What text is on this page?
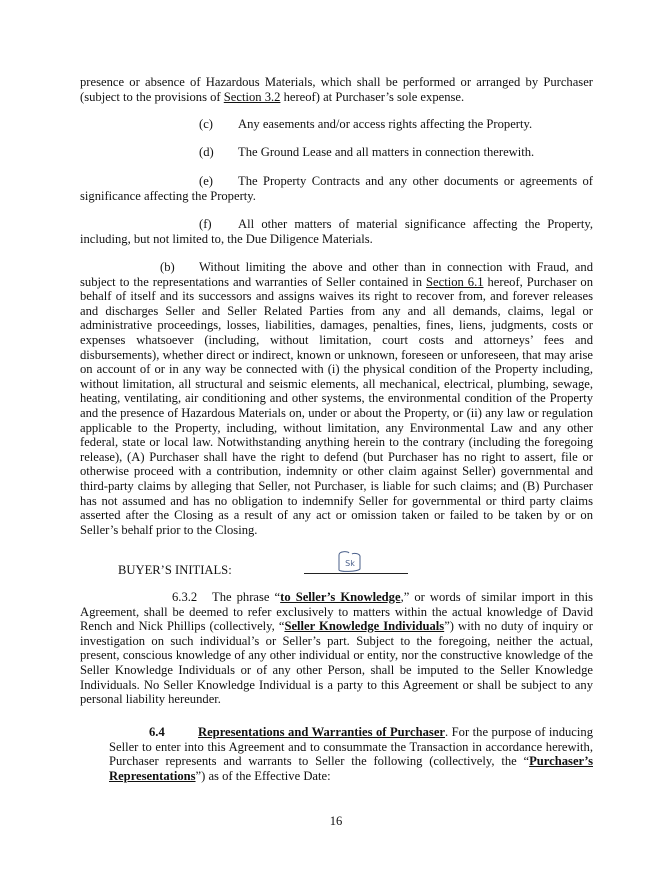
presence or absence of Hazardous Materials, which shall be performed or arranged by Purchaser (subject to the provisions of Section 3.2 hereof) at Purchaser’s sole expense.

(c) Any easements and/or access rights affecting the Property.

(d) The Ground Lease and all matters in connection therewith.

(e) The Property Contracts and any other documents or agreements of significance affecting the Property.

(f) All other matters of material significance affecting the Property, including, but not limited to, the Due Diligence Materials.

(b) Without limiting the above and other than in connection with Fraud, and subject to the representations and warranties of Seller contained in Section 6.1 hereof, Purchaser on behalf of itself and its successors and assigns waives its right to recover from, and forever releases and discharges Seller and Seller Related Parties from any and all demands, claims, legal or administrative proceedings, losses, liabilities, damages, penalties, fines, liens, judgments, costs or expenses whatsoever (including, without limitation, court costs and attorneys’ fees and disbursements), whether direct or indirect, known or unknown, foreseen or unforeseen, that may arise on account of or in any way be connected with (i) the physical condition of the Property including, without limitation, all structural and seismic elements, all mechanical, electrical, plumbing, sewage, heating, ventilating, air conditioning and other systems, the environmental condition of the Property and the presence of Hazardous Materials on, under or about the Property, or (ii) any law or regulation applicable to the Property, including, without limitation, any Environmental Law and any other federal, state or local law. Notwithstanding anything herein to the contrary (including the foregoing release), (A) Purchaser shall have the right to defend (but Purchaser has no right to assert, file or otherwise proceed with a contribution, indemnity or other claim against Seller) governmental and third-party claims by alleging that Seller, not Purchaser, is liable for such claims; and (B) Purchaser has not assumed and has no obligation to indemnify Seller for governmental or third party claims asserted after the Closing as a result of any act or omission taken or failed to be taken by or on Seller’s behalf prior to the Closing.

BUYER’S INITIALS:	Sk

6.3.2 The phrase “to Seller’s Knowledge,” or words of similar import in this Agreement, shall be deemed to refer exclusively to matters within the actual knowledge of David Rench and Nick Phillips (collectively, “Seller Knowledge Individuals”) with no duty of inquiry or investigation on such individual’s or Seller’s part. Subject to the foregoing, neither the actual, present, conscious knowledge of any other individual or entity, nor the constructive knowledge of the Seller Knowledge Individuals or of any other Person, shall be imputed to the Seller Knowledge Individuals. No Seller Knowledge Individual is a party to this Agreement or shall be subject to any personal liability hereunder.

6.4	Representations and Warranties of Purchaser. For the purpose of inducing Seller to enter into this Agreement and to consummate the Transaction in accordance herewith, Purchaser represents and warrants to Seller the following (collectively, the “Purchaser’s Representations”) as of the Effective Date:

16
